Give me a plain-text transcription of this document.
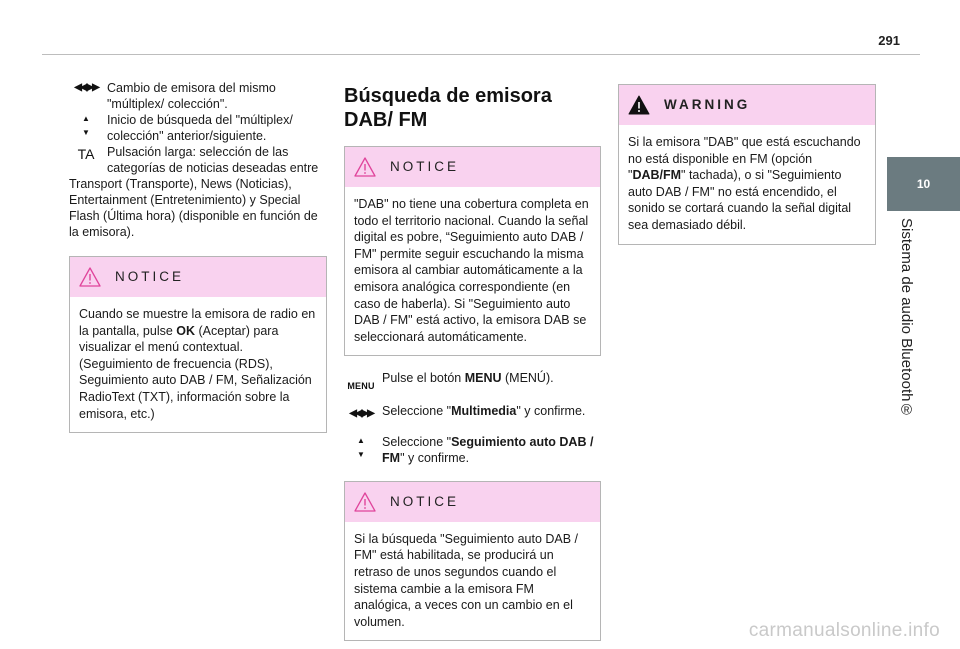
291
10
Sistema de audio Bluetooth®
◀◀ ▶▶ Cambio de emisora del mismo "múltiplex/ colección".
▲
▼
Inicio de búsqueda del "múltiplex/ colección" anterior/siguiente.
TA Pulsación larga: selección de las categorías de noticias deseadas entre
Transport (Transporte), News (Noticias), Entertainment (Entretenimiento) y Special Flash (Última hora) (disponible en función de la emisora).
NOTICE
Cuando se muestre la emisora de radio en la pantalla, pulse OK (Aceptar) para visualizar el menú contextual. (Seguimiento de frecuencia (RDS), Seguimiento auto DAB / FM, Señalización RadioText (TXT), información sobre la emisora, etc.)
Búsqueda de emisora DAB/ FM
NOTICE
"DAB" no tiene una cobertura completa en todo el territorio nacional. Cuando la señal digital es pobre, “Seguimiento auto DAB / FM" permite seguir escuchando la misma emisora al cambiar automáticamente a la emisora analógica correspondiente (en caso de haberla). Si "Seguimiento auto DAB / FM" está activo, la emisora DAB se seleccionará automáticamente.
MENU
Pulse el botón MENU (MENÚ).
◀◀ ▶▶ Seleccione "Multimedia" y confirme.
▲
▼
Seleccione "Seguimiento auto DAB / FM" y confirme.
NOTICE
Si la búsqueda "Seguimiento auto DAB / FM" está habilitada, se producirá un retraso de unos segundos cuando el sistema cambie a la emisora FM analógica, a veces con un cambio en el volumen.
WARNING
Si la emisora "DAB" que está escuchando no está disponible en FM (opción "DAB/FM" tachada), o si "Seguimiento auto DAB / FM" no está encendido, el sonido se cortará cuando la señal digital sea demasiado débil.
carmanualsonline.info
